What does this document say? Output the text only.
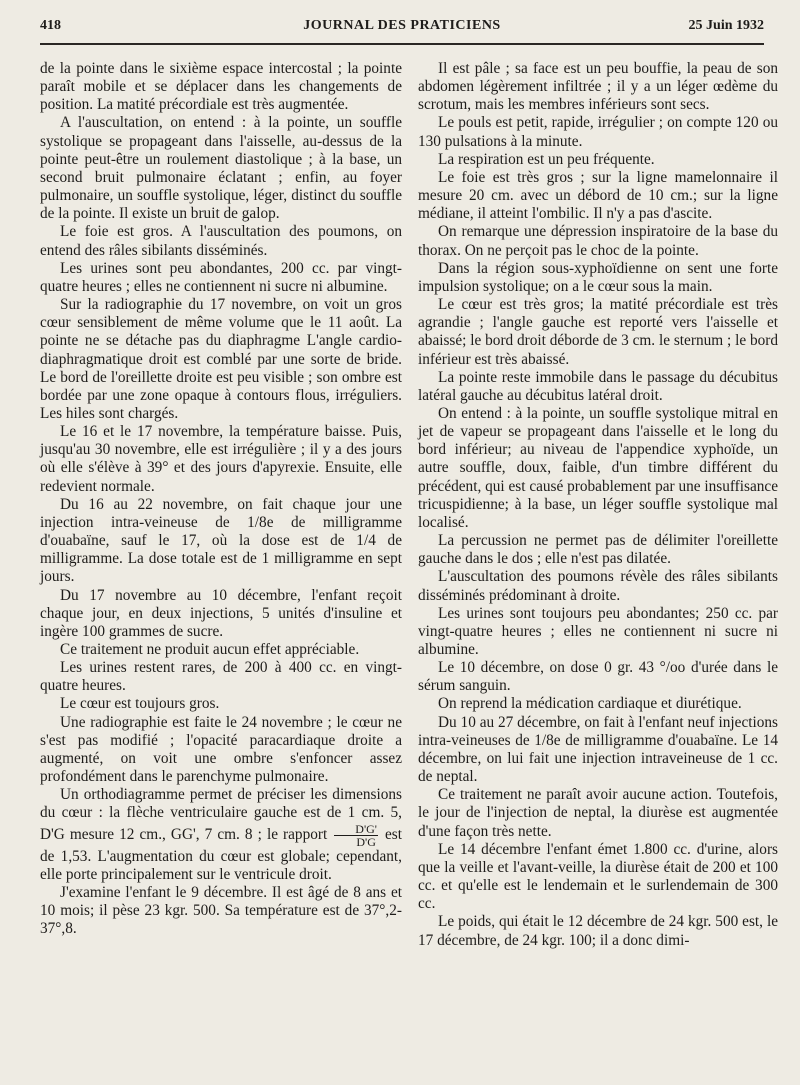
418	JOURNAL DES PRATICIENS	25 Juin 1932

de la pointe dans le sixième espace intercostal ; la pointe paraît mobile et se déplacer dans les changements de position. La matité précordiale est très augmentée.

A l'auscultation, on entend : à la pointe, un souffle systolique se propageant dans l'aisselle, au-dessus de la pointe peut-être un roulement diastolique ; à la base, un second bruit pulmonaire éclatant ; enfin, au foyer pulmonaire, un souffle systolique, léger, distinct du souffle de la pointe. Il existe un bruit de galop.

Le foie est gros. A l'auscultation des poumons, on entend des râles sibilants disséminés.

Les urines sont peu abondantes, 200 cc. par vingt-quatre heures ; elles ne contiennent ni sucre ni albumine.

Sur la radiographie du 17 novembre, on voit un gros cœur sensiblement de même volume que le 11 août. La pointe ne se détache pas du diaphragme L'angle cardio-diaphragmatique droit est comblé par une sorte de bride. Le bord de l'oreillette droite est peu visible ; son ombre est bordée par une zone opaque à contours flous, irréguliers. Les hiles sont chargés.

Le 16 et le 17 novembre, la température baisse. Puis, jusqu'au 30 novembre, elle est irrégulière ; il y a des jours où elle s'élève à 39° et des jours d'apyrexie. Ensuite, elle redevient normale.

Du 16 au 22 novembre, on fait chaque jour une injection intra-veineuse de 1/8e de milligramme d'ouabaïne, sauf le 17, où la dose est de 1/4 de milligramme. La dose totale est de 1 milligramme en sept jours.

Du 17 novembre au 10 décembre, l'enfant reçoit chaque jour, en deux injections, 5 unités d'insuline et ingère 100 grammes de sucre.

Ce traitement ne produit aucun effet appréciable.

Les urines restent rares, de 200 à 400 cc. en vingt-quatre heures.

Le cœur est toujours gros.

Une radiographie est faite le 24 novembre ; le cœur ne s'est pas modifié ; l'opacité paracardiaque droite a augmenté, on voit une ombre s'enfoncer assez profondément dans le parenchyme pulmonaire.

Un orthodiagramme permet de préciser les dimensions du cœur : la flèche ventriculaire gauche est de 1 cm. 5, D'G mesure 12 cm., GG', 7 cm. 8 ; le rapport $\frac{D'G'}{D'G}$ est de 1,53. L'augmentation du cœur est globale; cependant, elle porte principalement sur le ventricule droit.

J'examine l'enfant le 9 décembre. Il est âgé de 8 ans et 10 mois; il pèse 23 kgr. 500. Sa température est de 37°,2-37°,8.

Il est pâle ; sa face est un peu bouffie, la peau de son abdomen légèrement infiltrée ; il y a un léger œdème du scrotum, mais les membres inférieurs sont secs.

Le pouls est petit, rapide, irrégulier ; on compte 120 ou 130 pulsations à la minute.

La respiration est un peu fréquente.

Le foie est très gros ; sur la ligne mamelonnaire il mesure 20 cm. avec un débord de 10 cm.; sur la ligne médiane, il atteint l'ombilic. Il n'y a pas d'ascite.

On remarque une dépression inspiratoire de la base du thorax. On ne perçoit pas le choc de la pointe.

Dans la région sous-xyphoïdienne on sent une forte impulsion systolique; on a le cœur sous la main.

Le cœur est très gros; la matité précordiale est très agrandie ; l'angle gauche est reporté vers l'aisselle et abaissé; le bord droit déborde de 3 cm. le sternum ; le bord inférieur est très abaissé.

La pointe reste immobile dans le passage du décubitus latéral gauche au décubitus latéral droit.

On entend : à la pointe, un souffle systolique mitral en jet de vapeur se propageant dans l'aisselle et le long du bord inférieur; au niveau de l'appendice xyphoïde, un autre souffle, doux, faible, d'un timbre différent du précédent, qui est causé probablement par une insuffisance tricuspidienne; à la base, un léger souffle systolique mal localisé.

La percussion ne permet pas de délimiter l'oreillette gauche dans le dos ; elle n'est pas dilatée.

L'auscultation des poumons révèle des râles sibilants disséminés prédominant à droite.

Les urines sont toujours peu abondantes; 250 cc. par vingt-quatre heures ; elles ne contiennent ni sucre ni albumine.

Le 10 décembre, on dose 0 gr. 43 °/oo d'urée dans le sérum sanguin.

On reprend la médication cardiaque et diurétique.

Du 10 au 27 décembre, on fait à l'enfant neuf injections intra-veineuses de 1/8e de milligramme d'ouabaïne. Le 14 décembre, on lui fait une injection intraveineuse de 1 cc. de neptal.

Ce traitement ne paraît avoir aucune action. Toutefois, le jour de l'injection de neptal, la diurèse est augmentée d'une façon très nette.

Le 14 décembre l'enfant émet 1.800 cc. d'urine, alors que la veille et l'avant-veille, la diurèse était de 200 et 100 cc. et qu'elle est le lendemain et le surlendemain de 300 cc.

Le poids, qui était le 12 décembre de 24 kgr. 500 est, le 17 décembre, de 24 kgr. 100; il a donc dimi-
